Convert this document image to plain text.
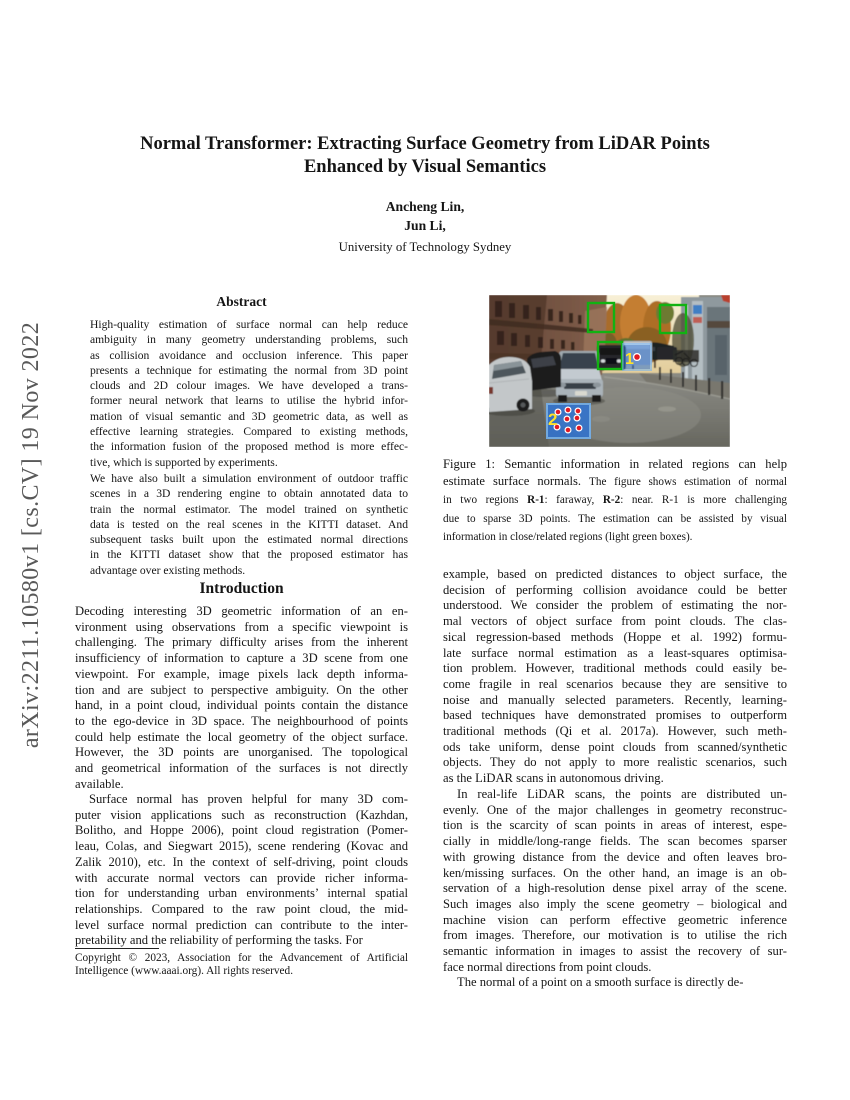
arXiv:2211.10580v1 [cs.CV] 19 Nov 2022
Normal Transformer: Extracting Surface Geometry from LiDAR Points
Enhanced by Visual Semantics
Ancheng Lin,
Jun Li,
University of Technology Sydney
Abstract
High-quality estimation of surface normal can help reduce
ambiguity in many geometry understanding problems, such
as collision avoidance and occlusion inference. This paper
presents a technique for estimating the normal from 3D point
clouds and 2D colour images. We have developed a trans-
former neural network that learns to utilise the hybrid infor-
mation of visual semantic and 3D geometric data, as well as
effective learning strategies. Compared to existing methods,
the information fusion of the proposed method is more effec-
tive, which is supported by experiments.
We have also built a simulation environment of outdoor traffic
scenes in a 3D rendering engine to obtain annotated data to
train the normal estimator. The model trained on synthetic
data is tested on the real scenes in the KITTI dataset. And
subsequent tasks built upon the estimated normal directions
in the KITTI dataset show that the proposed estimator has
advantage over existing methods.
Introduction
Decoding interesting 3D geometric information of an en-
vironment using observations from a specific viewpoint is
challenging. The primary difficulty arises from the inherent
insufficiency of information to capture a 3D scene from one
viewpoint. For example, image pixels lack depth informa-
tion and are subject to perspective ambiguity. On the other
hand, in a point cloud, individual points contain the distance
to the ego-device in 3D space. The neighbourhood of points
could help estimate the local geometry of the object surface.
However, the 3D points are unorganised. The topological
and geometrical information of the surfaces is not directly
available.
Surface normal has proven helpful for many 3D com-
puter vision applications such as reconstruction (Kazhdan,
Bolitho, and Hoppe 2006), point cloud registration (Pomer-
leau, Colas, and Siegwart 2015), scene rendering (Kovac and
Zalik 2010), etc. In the context of self-driving, point clouds
with accurate normal vectors can provide richer informa-
tion for understanding urban environments’ internal spatial
relationships. Compared to the raw point cloud, the mid-
level surface normal prediction can contribute to the inter-
pretability and the reliability of performing the tasks. For
Copyright © 2023, Association for the Advancement of Artificial
Intelligence (www.aaai.org). All rights reserved.
1
2
Figure 1: Semantic information in related regions can help
estimate surface normals. The figure shows estimation of normal
in two regions R-1: faraway, R-2: near. R-1 is more challenging
due to sparse 3D points. The estimation can be assisted by visual
information in close/related regions (light green boxes).
example, based on predicted distances to object surface, the
decision of performing collision avoidance could be better
understood. We consider the problem of estimating the nor-
mal vectors of object surface from point clouds. The clas-
sical regression-based methods (Hoppe et al. 1992) formu-
late surface normal estimation as a least-squares optimisa-
tion problem. However, traditional methods could easily be-
come fragile in real scenarios because they are sensitive to
noise and manually selected parameters. Recently, learning-
based techniques have demonstrated promises to outperform
traditional methods (Qi et al. 2017a). However, such meth-
ods take uniform, dense point clouds from scanned/synthetic
objects. They do not apply to more realistic scenarios, such
as the LiDAR scans in autonomous driving.
In real-life LiDAR scans, the points are distributed un-
evenly. One of the major challenges in geometry reconstruc-
tion is the scarcity of scan points in areas of interest, espe-
cially in middle/long-range fields. The scan becomes sparser
with growing distance from the device and often leaves bro-
ken/missing surfaces. On the other hand, an image is an ob-
servation of a high-resolution dense pixel array of the scene.
Such images also imply the scene geometry – biological and
machine vision can perform effective geometric inference
from images. Therefore, our motivation is to utilise the rich
semantic information in images to assist the recovery of sur-
face normal directions from point clouds.
The normal of a point on a smooth surface is directly de-
